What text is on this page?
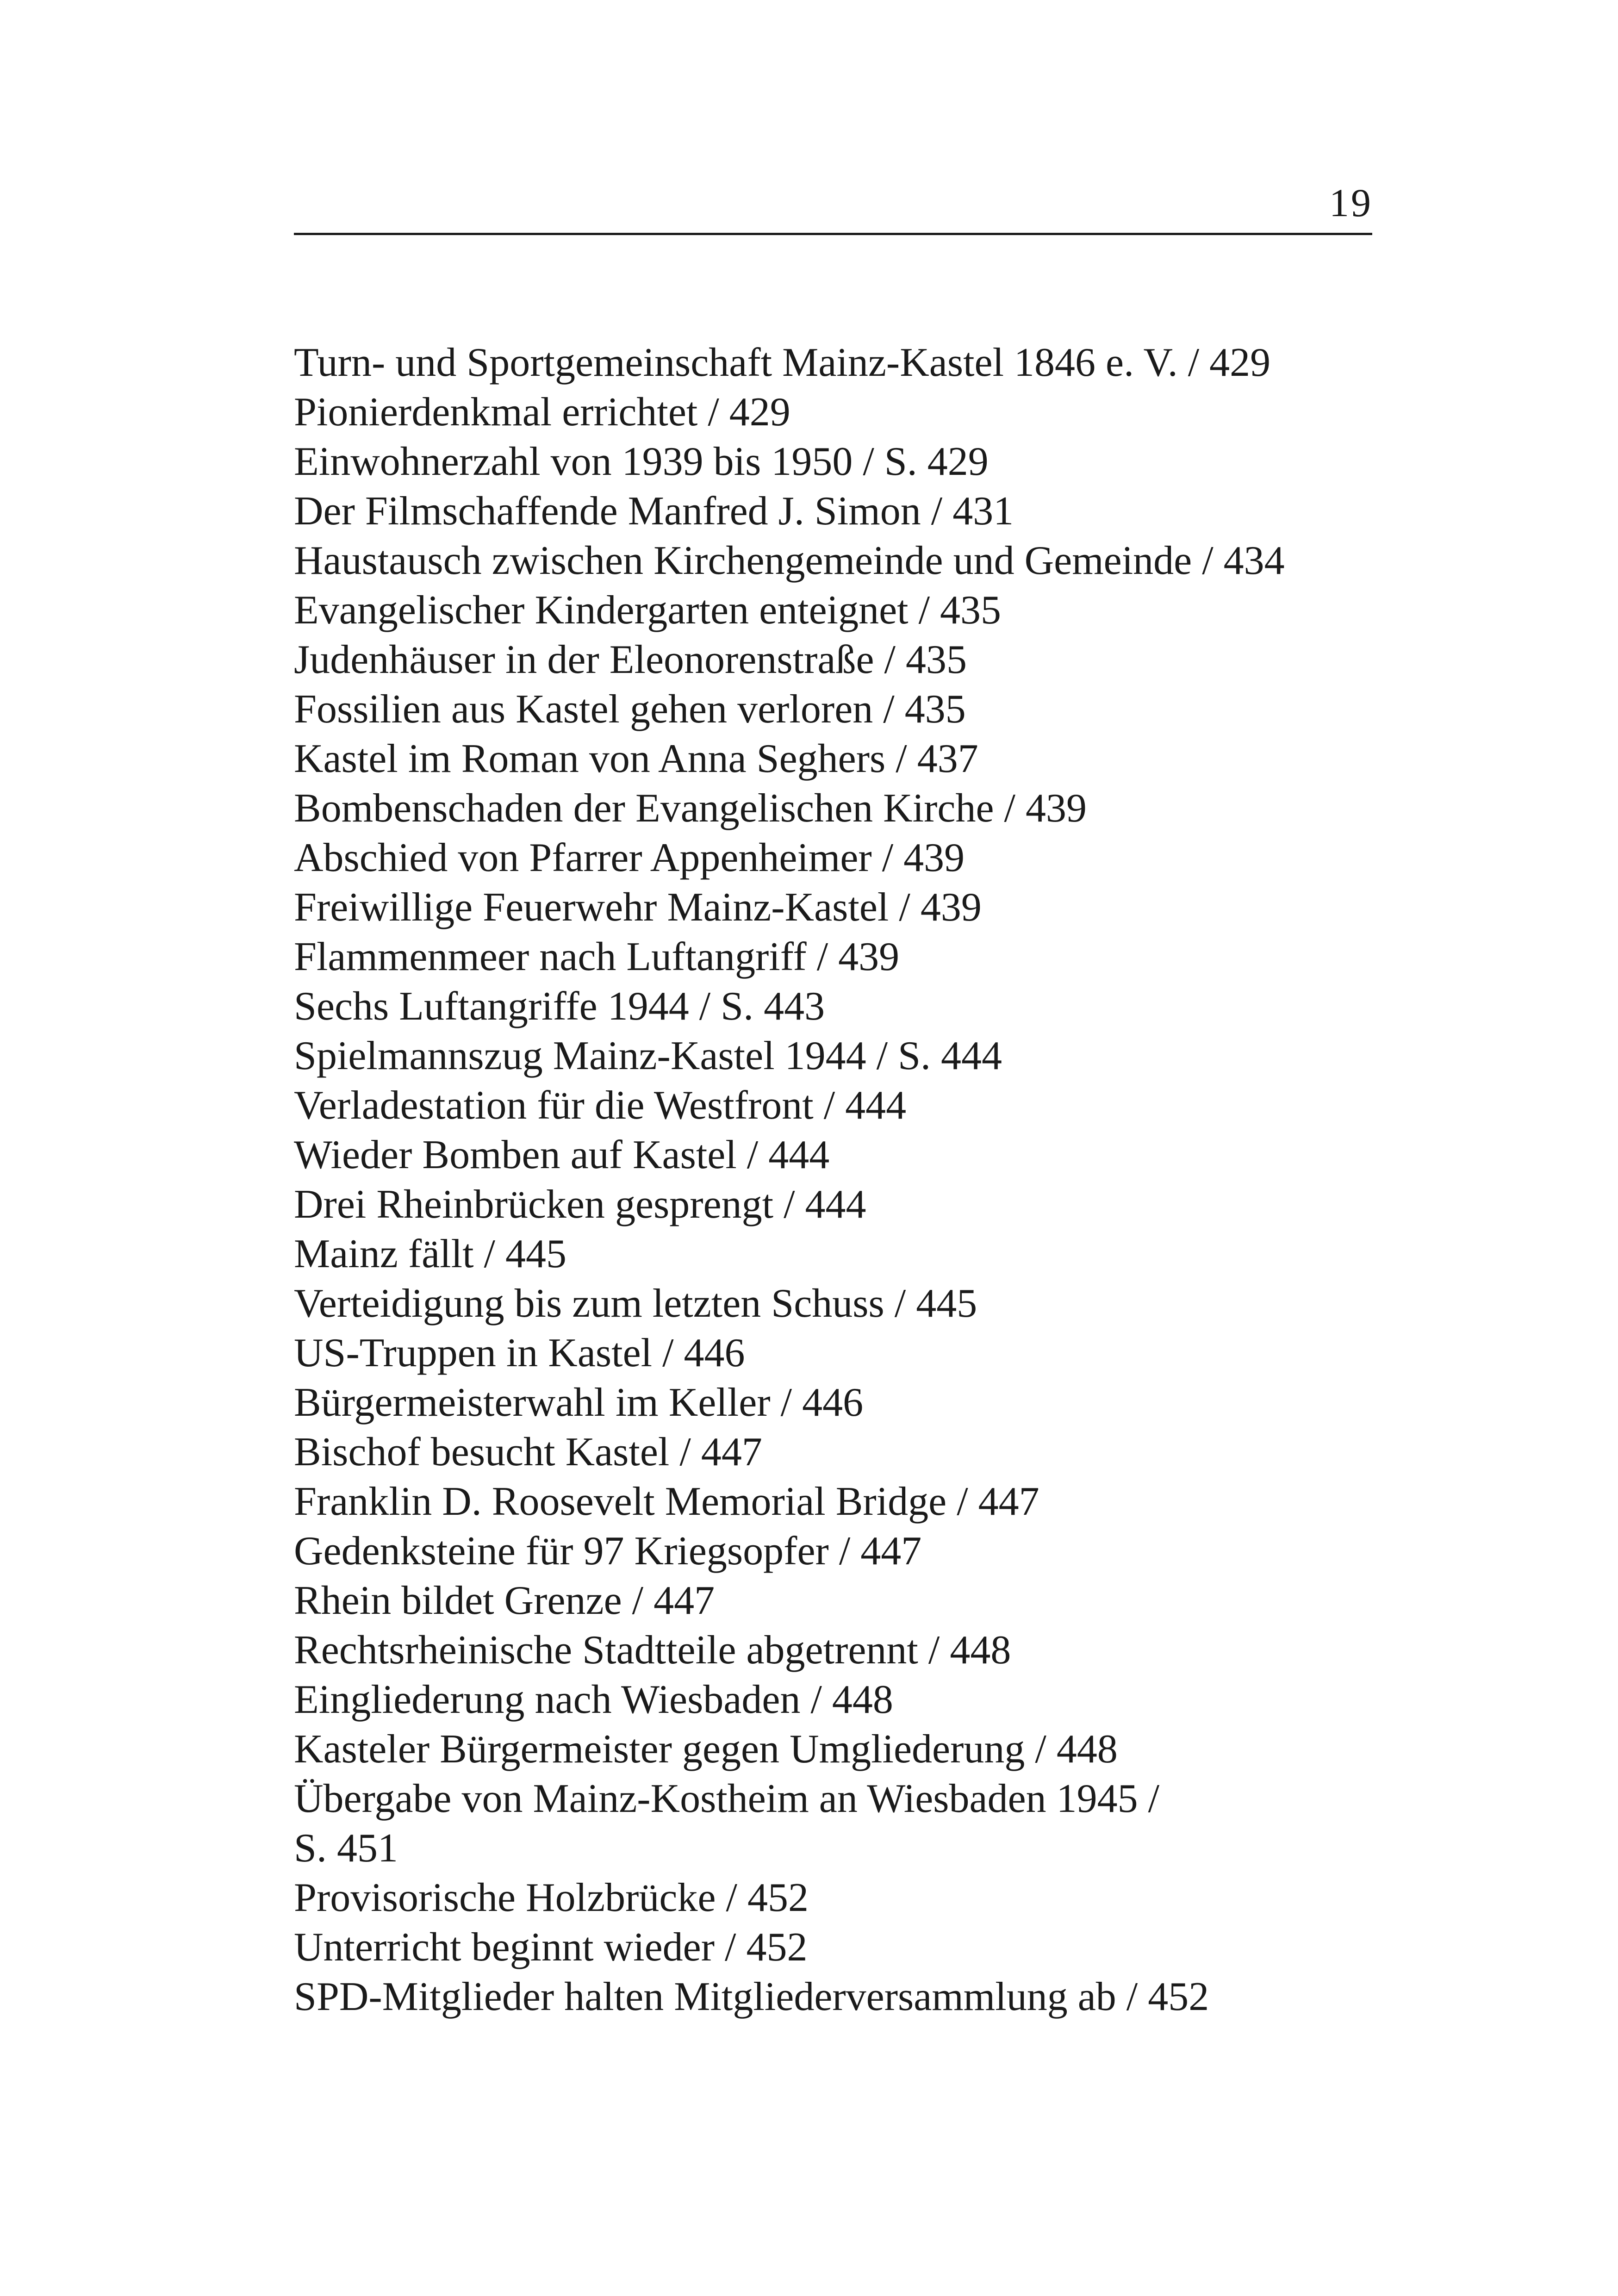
19
Turn- und Sportgemeinschaft Mainz-Kastel 1846 e. V. / 429
Pionierdenkmal errichtet / 429
Einwohnerzahl von 1939 bis 1950 / S. 429
Der Filmschaffende Manfred J. Simon / 431
Haustausch zwischen Kirchengemeinde und Gemeinde / 434
Evangelischer Kindergarten enteignet / 435
Judenhäuser in der Eleonorenstraße / 435
Fossilien aus Kastel gehen verloren / 435
Kastel im Roman von Anna Seghers / 437
Bombenschaden der Evangelischen Kirche / 439
Abschied von Pfarrer Appenheimer / 439
Freiwillige Feuerwehr Mainz-Kastel / 439
Flammenmeer nach Luftangriff / 439
Sechs Luftangriffe 1944 / S. 443
Spielmannszug Mainz-Kastel 1944 / S. 444
Verladestation für die Westfront / 444
Wieder Bomben auf Kastel / 444
Drei Rheinbrücken gesprengt / 444
Mainz fällt / 445
Verteidigung bis zum letzten Schuss / 445
US-Truppen in Kastel / 446
Bürgermeisterwahl im Keller / 446
Bischof besucht Kastel / 447
Franklin D. Roosevelt Memorial Bridge / 447
Gedenksteine für 97 Kriegsopfer / 447
Rhein bildet Grenze / 447
Rechtsrheinische Stadtteile abgetrennt / 448
Eingliederung nach Wiesbaden / 448
Kasteler Bürgermeister gegen Umgliederung / 448
Übergabe von Mainz-Kostheim an Wiesbaden 1945 /
S. 451
Provisorische Holzbrücke / 452
Unterricht beginnt wieder / 452
SPD-Mitglieder halten Mitgliederversammlung ab / 452
